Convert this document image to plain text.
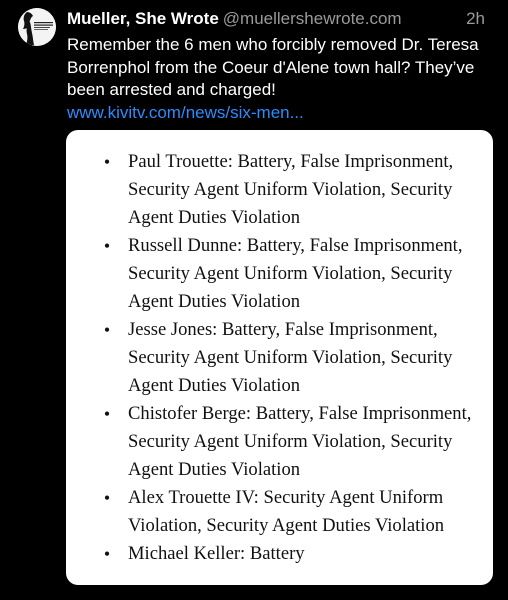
Mueller, She Wrote @muellershewrote.com	2h
Remember the 6 men who forcibly removed Dr. Teresa Borrenphol from the Coeur d'Alene town hall? They’ve been arrested and charged!
www.kivitv.com/news/six-men...
• Paul Trouette: Battery, False Imprisonment, Security Agent Uniform Violation, Security Agent Duties Violation
• Russell Dunne: Battery, False Imprisonment, Security Agent Uniform Violation, Security Agent Duties Violation
• Jesse Jones: Battery, False Imprisonment, Security Agent Uniform Violation, Security Agent Duties Violation
• Chistofer Berge: Battery, False Imprisonment, Security Agent Uniform Violation, Security Agent Duties Violation
• Alex Trouette IV: Security Agent Uniform Violation, Security Agent Duties Violation
• Michael Keller: Battery
